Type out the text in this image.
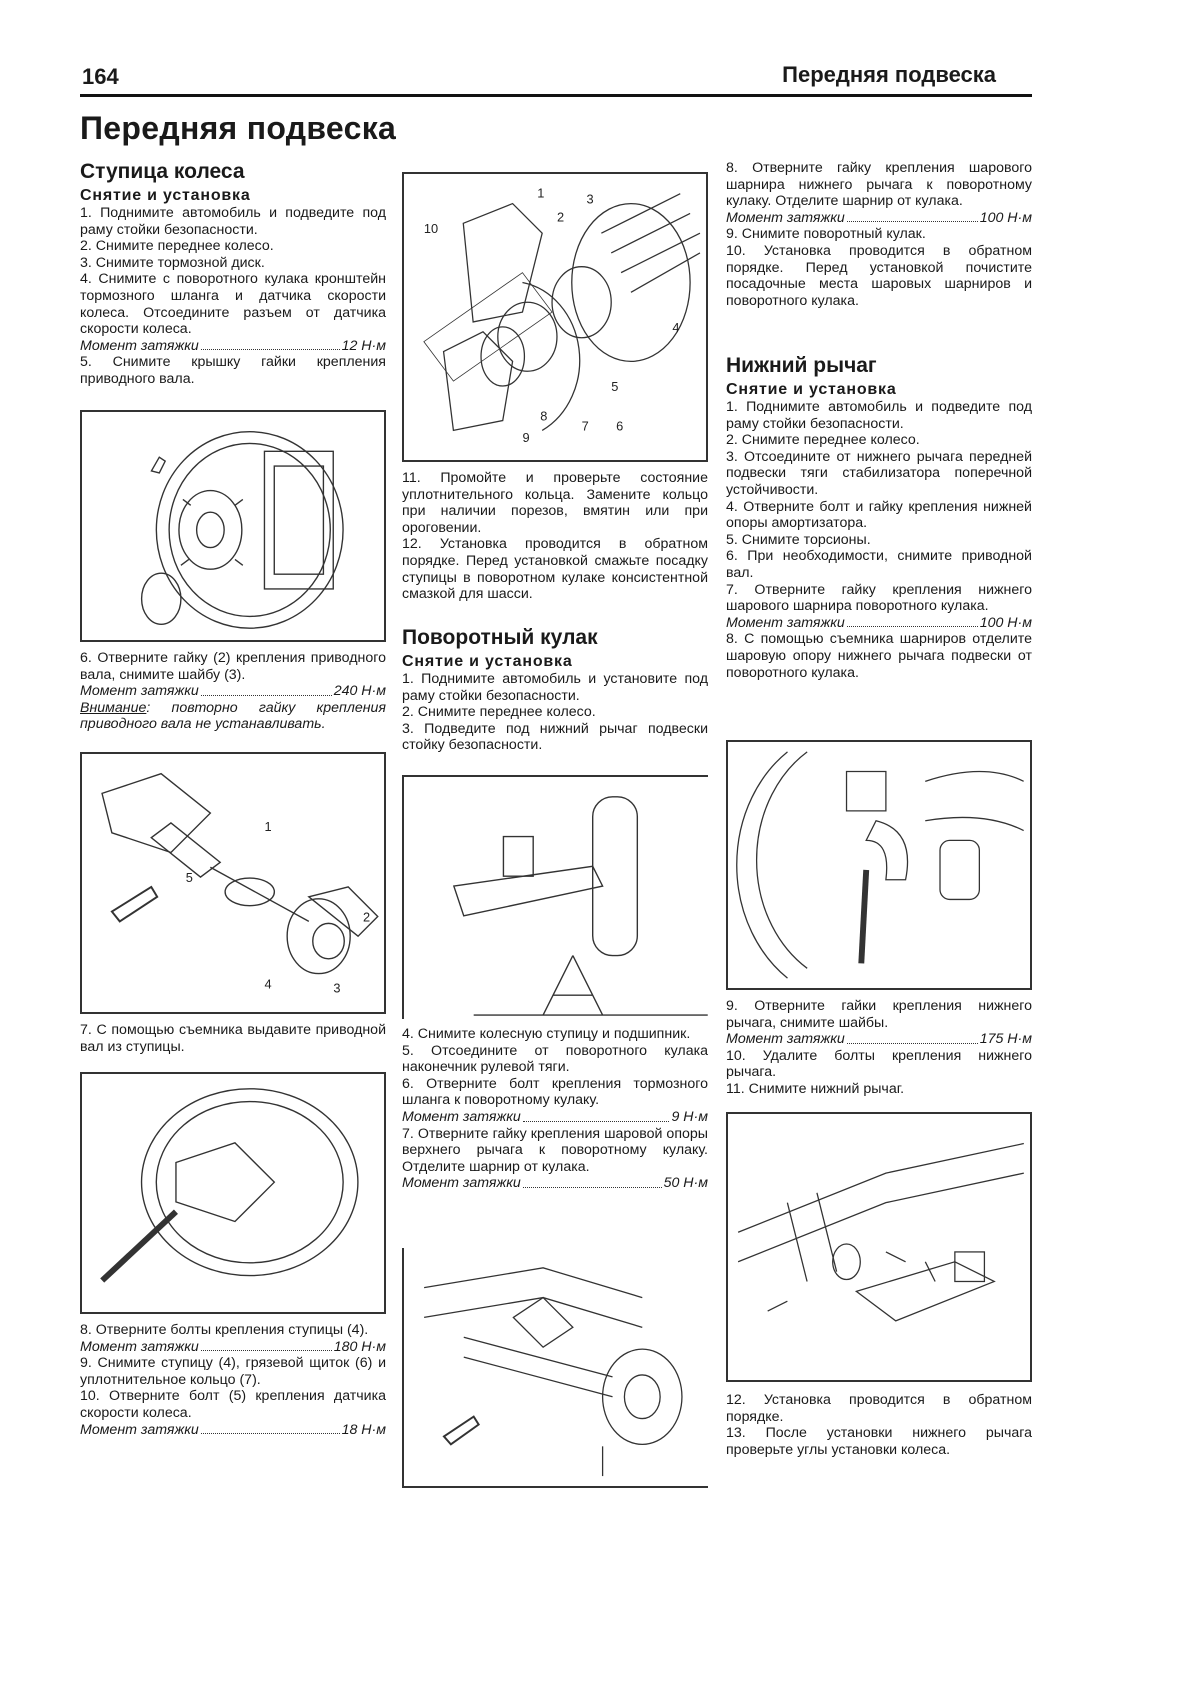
164	Передняя подвеска
Передняя подвеска
Ступица колеса
Снятие и установка

1. Поднимите автомобиль и подведите под раму стойки безопасности.

2. Снимите переднее колесо.

3. Снимите тормозной диск.

4. Снимите с поворотного кулака кронштейн тормозного шланга и датчика скорости колеса. Отсоедините разъем от датчика скорости колеса.

Момент затяжки	12 Н·м

5. Снимите крышку гайки крепления приводного вала.

6. Отверните гайку (2) крепления приводного вала, снимите шайбу (3).

Момент затяжки	240 Н·м

Внимание: повторно гайку крепления приводного вала не устанавливать.

1
2
3
4
5

7. С помощью съемника выдавите приводной вал из ступицы.

8. Отверните болты крепления ступицы (4).

Момент затяжки	180 Н·м

9. Снимите ступицу (4), грязевой щиток (6) и уплотнительное кольцо (7).

10. Отверните болт (5) крепления датчика скорости колеса.

Момент затяжки	18 Н·м
1
2
3
4
5
6
7
8
9
10

11. Промойте и проверьте состояние уплотнительного кольца. Замените кольцо при наличии порезов, вмятин или при ороговении.

12. Установка проводится в обратном порядке. Перед установкой смажьте посадку ступицы в поворотном кулаке консистентной смазкой для шасси.

Поворотный кулак
Снятие и установка

1. Поднимите автомобиль и установите под раму стойки безопасности.

2. Снимите переднее колесо.

3. Подведите под нижний рычаг подвески стойку безопасности.

4. Снимите колесную ступицу и подшипник.

5. Отсоедините от поворотного кулака наконечник рулевой тяги.

6. Отверните болт крепления тормозного шланга к поворотному кулаку.

Момент затяжки	9 Н·м

7. Отверните гайку крепления шаровой опоры верхнего рычага к поворотному кулаку. Отделите шарнир от кулака.

Момент затяжки	50 Н·м

8. Отверните гайку крепления шарового шарнира нижнего рычага к поворотному кулаку. Отделите шарнир от кулака.

Момент затяжки	100 Н·м

9. Снимите поворотный кулак.

10. Установка проводится в обратном порядке. Перед установкой почистите посадочные места шаровых шарниров и поворотного кулака.

Нижний рычаг
Снятие и установка

1. Поднимите автомобиль и подведите под раму стойки безопасности.

2. Снимите переднее колесо.

3. Отсоедините от нижнего рычага передней подвески тяги стабилизатора поперечной устойчивости.

4. Отверните болт и гайку крепления нижней опоры амортизатора.

5. Снимите торсионы.

6. При необходимости, снимите приводной вал.

7. Отверните гайку крепления нижнего шарового шарнира поворотного кулака.

Момент затяжки	100 Н·м

8. С помощью съемника шарниров отделите шаровую опору нижнего рычага подвески от поворотного кулака.

9. Отверните гайки крепления нижнего рычага, снимите шайбы.

Момент затяжки	175 Н·м

10. Удалите болты крепления нижнего рычага.

11. Снимите нижний рычаг.

12. Установка проводится в обратном порядке.

13. После установки нижнего рычага проверьте углы установки колеса.
